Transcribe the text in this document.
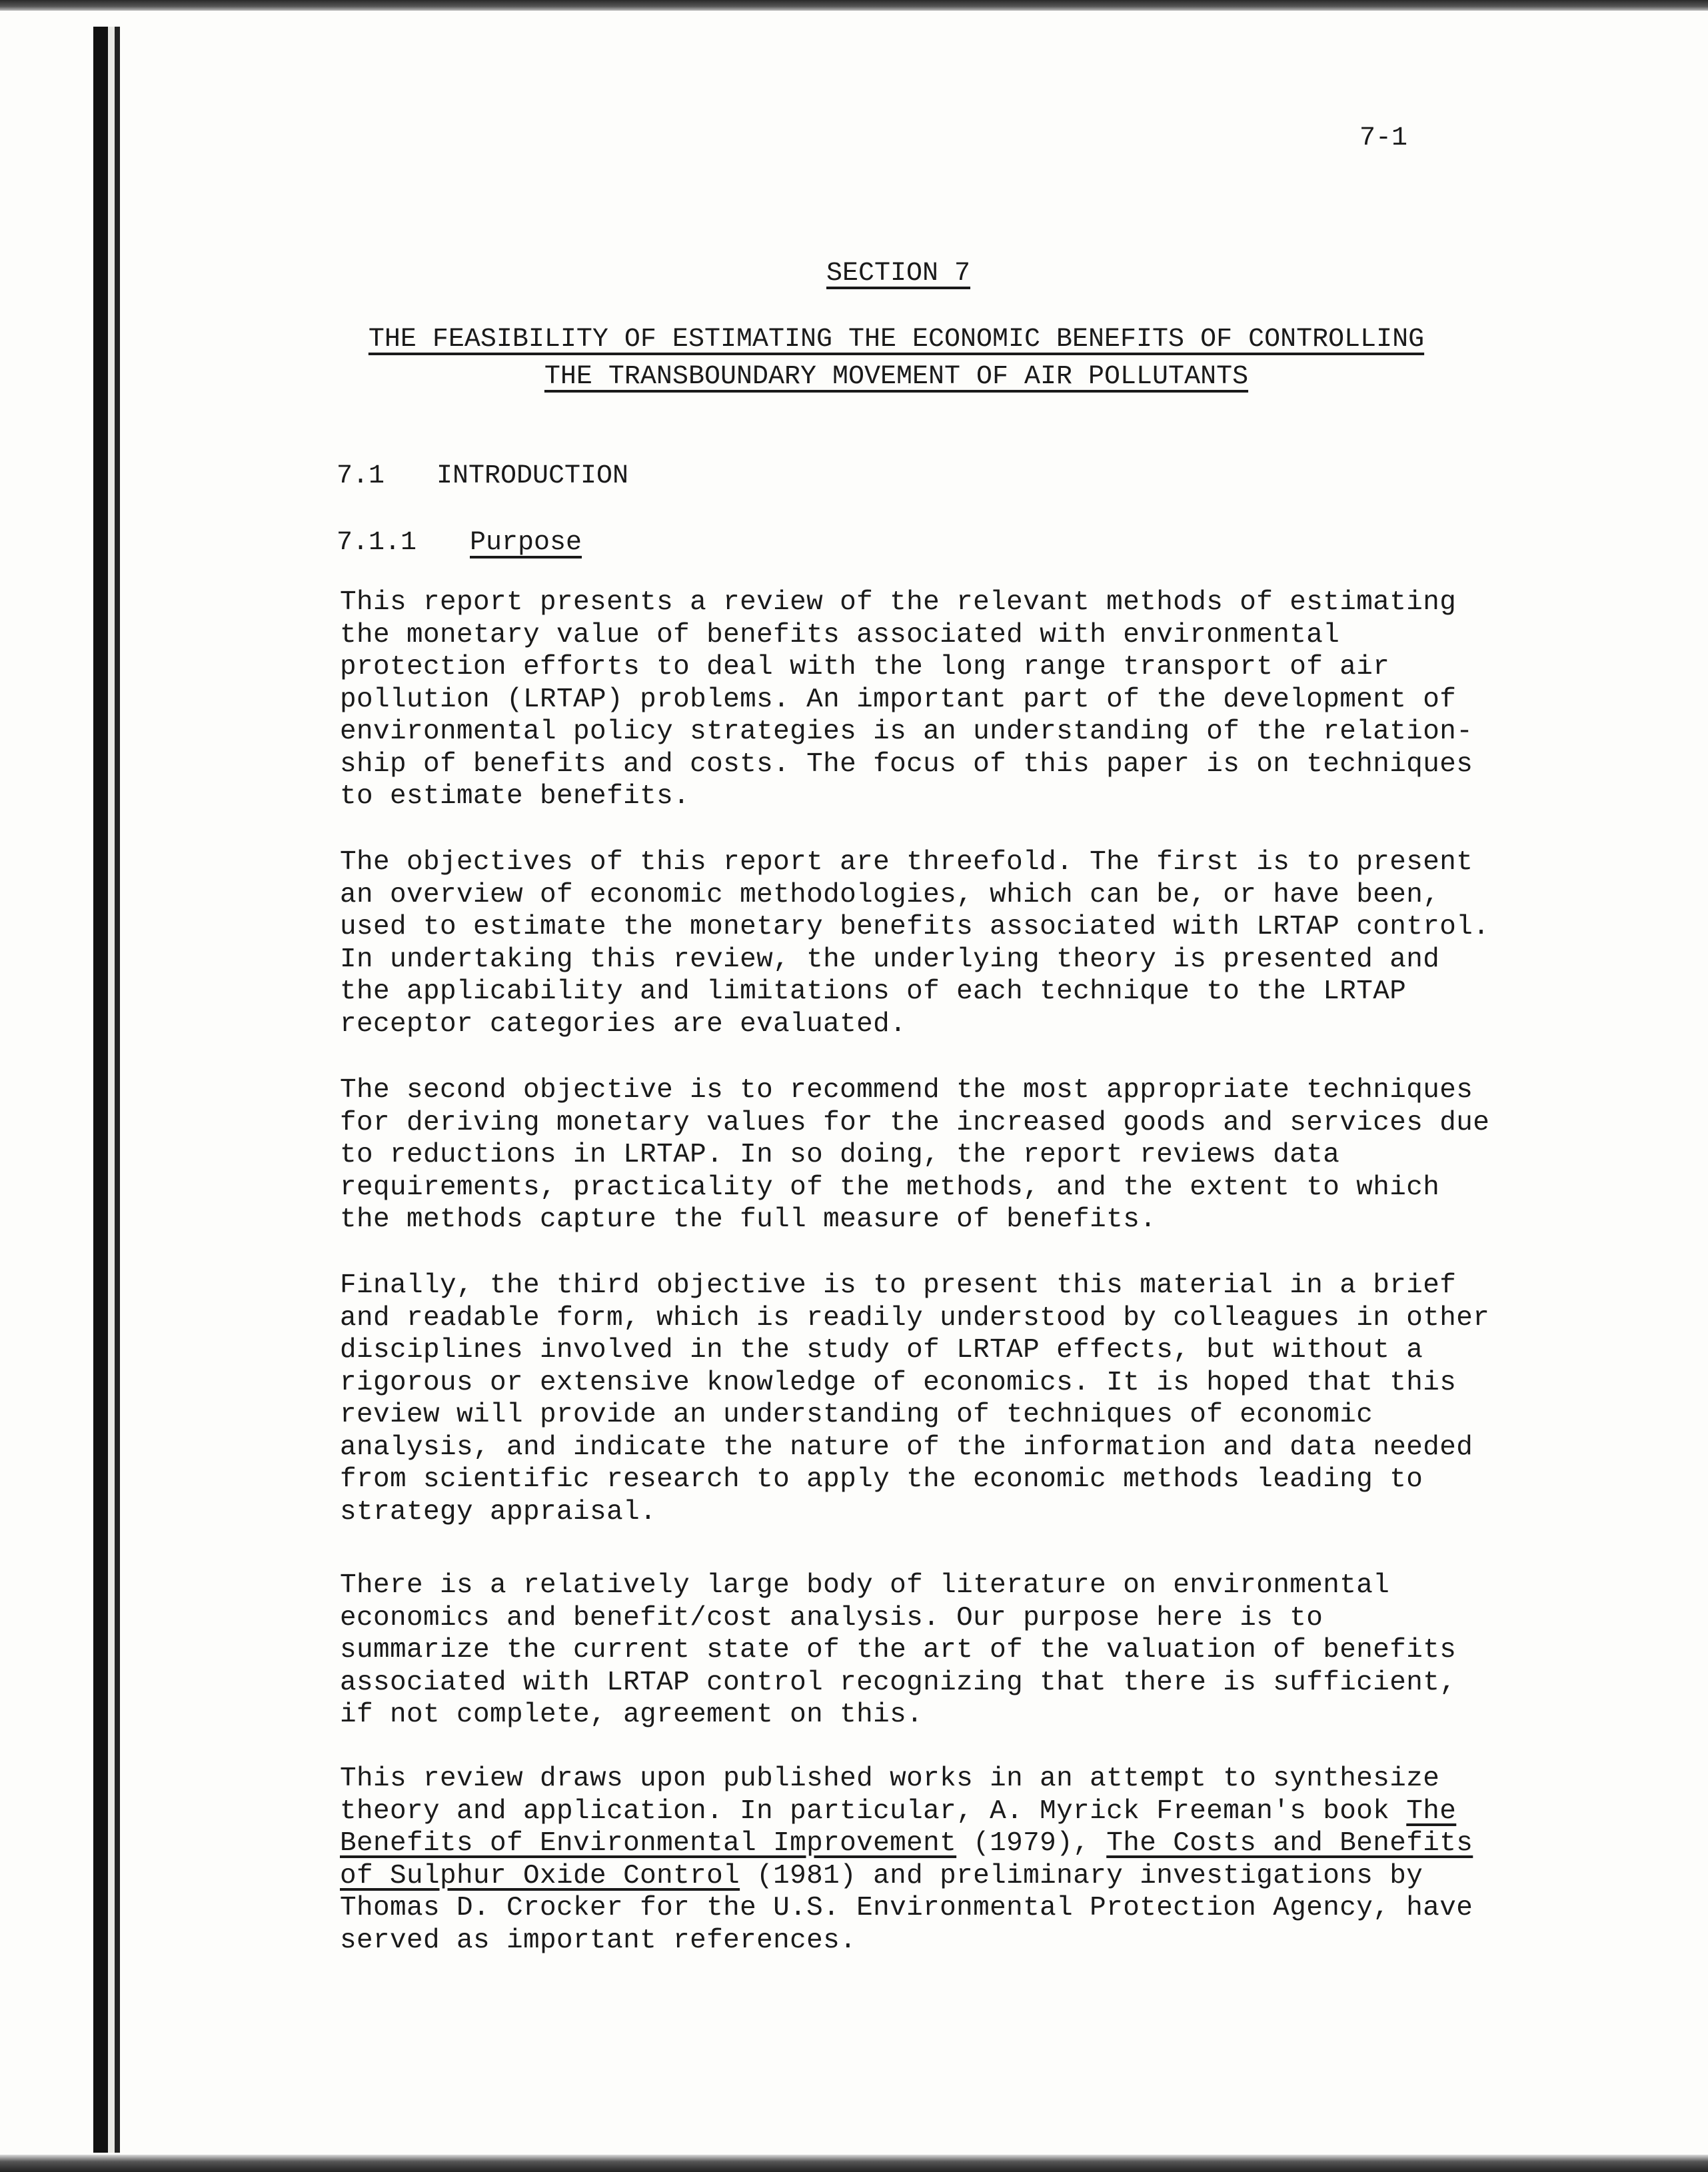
7-1
SECTION 7
THE FEASIBILITY OF ESTIMATING THE ECONOMIC BENEFITS OF CONTROLLING
THE TRANSBOUNDARY MOVEMENT OF AIR POLLUTANTS
7.1 INTRODUCTION
7.1.1 Purpose
This report presents a review of the relevant methods of estimating
the monetary value of benefits associated with environmental
protection efforts to deal with the long range transport of air
pollution (LRTAP) problems. An important part of the development of
environmental policy strategies is an understanding of the relation-
ship of benefits and costs. The focus of this paper is on techniques
to estimate benefits.
The objectives of this report are threefold. The first is to present
an overview of economic methodologies, which can be, or have been,
used to estimate the monetary benefits associated with LRTAP control.
In undertaking this review, the underlying theory is presented and
the applicability and limitations of each technique to the LRTAP
receptor categories are evaluated.
The second objective is to recommend the most appropriate techniques
for deriving monetary values for the increased goods and services due
to reductions in LRTAP. In so doing, the report reviews data
requirements, practicality of the methods, and the extent to which
the methods capture the full measure of benefits.
Finally, the third objective is to present this material in a brief
and readable form, which is readily understood by colleagues in other
disciplines involved in the study of LRTAP effects, but without a
rigorous or extensive knowledge of economics. It is hoped that this
review will provide an understanding of techniques of economic
analysis, and indicate the nature of the information and data needed
from scientific research to apply the economic methods leading to
strategy appraisal.
There is a relatively large body of literature on environmental
economics and benefit/cost analysis. Our purpose here is to
summarize the current state of the art of the valuation of benefits
associated with LRTAP control recognizing that there is sufficient,
if not complete, agreement on this.
This review draws upon published works in an attempt to synthesize
theory and application. In particular, A. Myrick Freeman's book The
Benefits of Environmental Improvement (1979), The Costs and Benefits
of Sulphur Oxide Control (1981) and preliminary investigations by
Thomas D. Crocker for the U.S. Environmental Protection Agency, have
served as important references.
